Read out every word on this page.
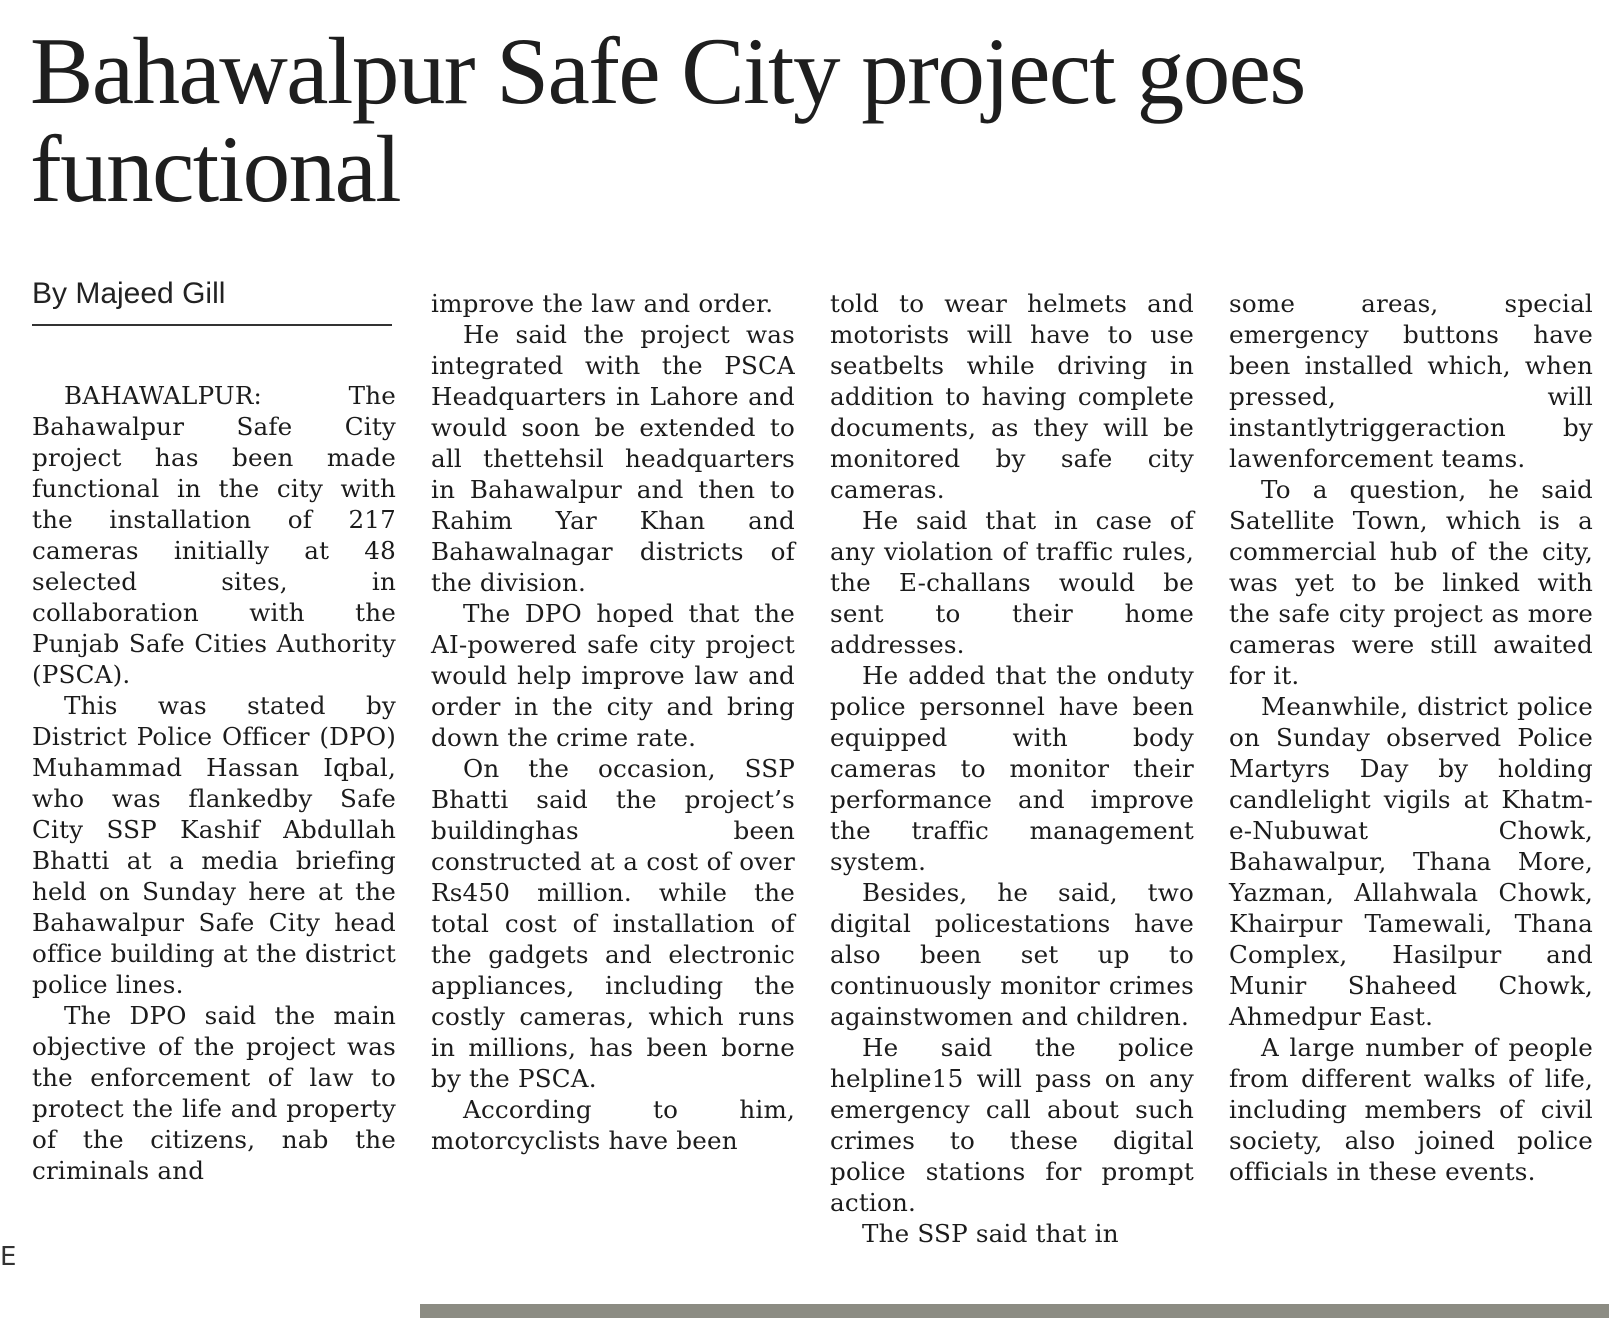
Bahawalpur Safe City project goes functional
By Majeed Gill

BAHAWALPUR: The Bahawalpur Safe City project has been made functional in the city with the installation of 217 cameras initially at 48 selected sites, in collaboration with the Punjab Safe Cities Authority (PSCA).

This was stated by District Police Officer (DPO) Muhammad Hassan Iqbal, who was flankedby Safe City SSP Kashif Abdullah Bhatti at a media briefing held on Sunday here at the Bahawalpur Safe City head office building at the district police lines.

The DPO said the main objective of the project was the enforcement of law to protect the life and property of the citizens, nab the criminals and

improve the law and order.

He said the project was integrated with the PSCA Headquarters in Lahore and would soon be extended to all thettehsil headquarters in Bahawalpur and then to Rahim Yar Khan and Bahawalnagar districts of the division.

The DPO hoped that the AI-powered safe city project would help improve law and order in the city and bring down the crime rate.

On the occasion, SSP Bhatti said the project’s buildinghas been constructed at a cost of over Rs450 million. while the total cost of installation of the gadgets and electronic appliances, including the costly cameras, which runs in millions, has been borne by the PSCA.

According to him, motorcyclists have been

told to wear helmets and motorists will have to use seatbelts while driving in addition to having complete documents, as they will be monitored by safe city cameras.

He said that in case of any violation of traffic rules, the E-challans would be sent to their home addresses.

He added that the onduty police personnel have been equipped with body cameras to monitor their performance and improve the traffic management system.

Besides, he said, two digital policestations have also been set up to continuously monitor crimes againstwomen and children.

He said the police helpline15 will pass on any emergency call about such crimes to these digital police stations for prompt action.

The SSP said that in

some areas, special emergency buttons have been installed which, when pressed, will instantlytriggeraction by lawenforcement teams.

To a question, he said Satellite Town, which is a commercial hub of the city, was yet to be linked with the safe city project as more cameras were still awaited for it.

Meanwhile, district police on Sunday observed Police Martyrs Day by holding candlelight vigils at Khatm-e-Nubuwat Chowk, Bahawalpur, Thana More, Yazman, Allahwala Chowk, Khairpur Tamewali, Thana Complex, Hasilpur and Munir Shaheed Chowk, Ahmedpur East.

A large number of people from different walks of life, including members of civil society, also joined police officials in these events.

E
